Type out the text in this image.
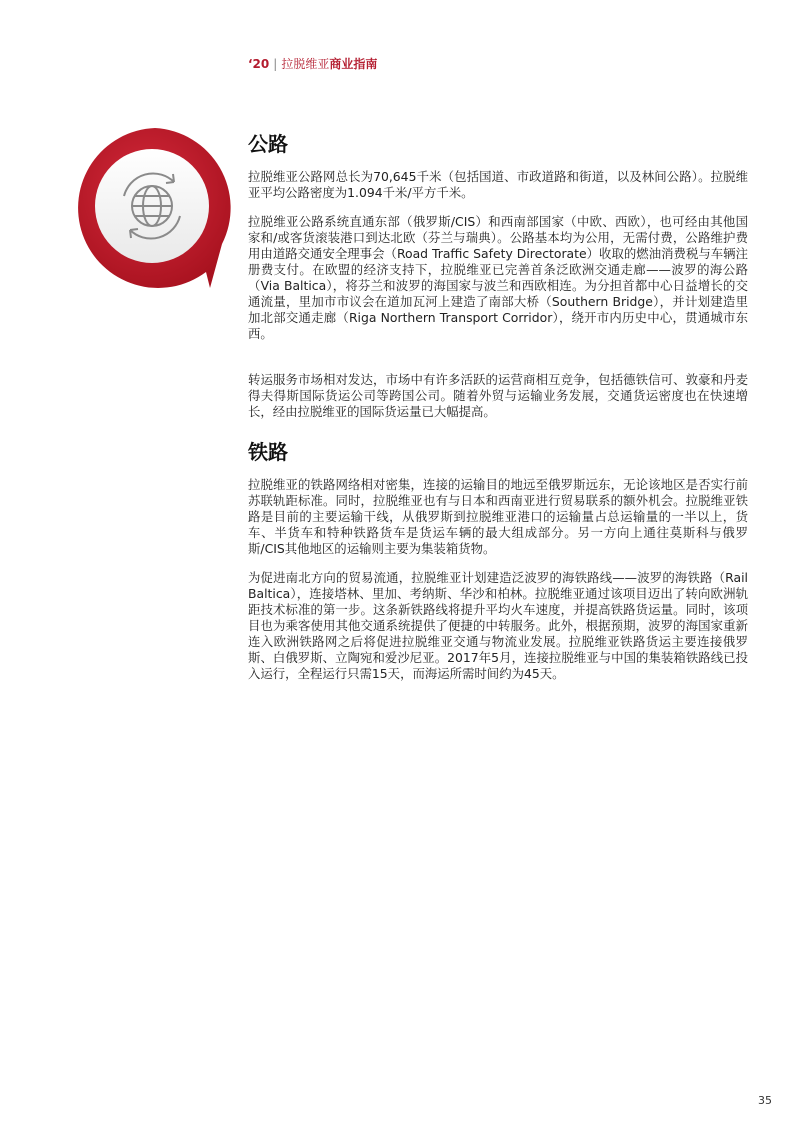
‘20 | 拉脱维亚商业指南
公路

拉脱维亚公路网总长为70,645千米（包括国道、市政道路和街道，以及林间公路）。拉脱维亚平均公路密度为1.094千米/平方千米。

拉脱维亚公路系统直通东部（俄罗斯/CIS）和西南部国家（中欧、西欧），也可经由其他国家和/或客货滚装港口到达北欧（芬兰与瑞典）。公路基本均为公用，无需付费，公路维护费用由道路交通安全理事会（Road Traffic Safety Directorate）收取的燃油消费税与车辆注册费支付。在欧盟的经济支持下，拉脱维亚已完善首条泛欧洲交通走廊——波罗的海公路（Via Baltica），将芬兰和波罗的海国家与波兰和西欧相连。为分担首都中心日益增长的交通流量，里加市市议会在道加瓦河上建造了南部大桥（Southern Bridge），并计划建造里加北部交通走廊（Riga Northern Transport Corridor），绕开市内历史中心，贯通城市东西。

转运服务市场相对发达，市场中有许多活跃的运营商相互竞争，包括德铁信可、敦豪和丹麦得夫得斯国际货运公司等跨国公司。随着外贸与运输业务发展，交通货运密度也在快速增长，经由拉脱维亚的国际货运量已大幅提高。

铁路

拉脱维亚的铁路网络相对密集，连接的运输目的地远至俄罗斯远东，无论该地区是否实行前苏联轨距标准。同时，拉脱维亚也有与日本和西南亚进行贸易联系的额外机会。拉脱维亚铁路是目前的主要运输干线，从俄罗斯到拉脱维亚港口的运输量占总运输量的一半以上，货车、半货车和特种铁路货车是货运车辆的最大组成部分。另一方向上通往莫斯科与俄罗斯/CIS其他地区的运输则主要为集装箱货物。

为促进南北方向的贸易流通，拉脱维亚计划建造泛波罗的海铁路线——波罗的海铁路（Rail Baltica），连接塔林、里加、考纳斯、华沙和柏林。拉脱维亚通过该项目迈出了转向欧洲轨距技术标准的第一步。这条新铁路线将提升平均火车速度，并提高铁路货运量。同时，该项目也为乘客使用其他交通系统提供了便捷的中转服务。此外，根据预期，波罗的海国家重新连入欧洲铁路网之后将促进拉脱维亚交通与物流业发展。拉脱维亚铁路货运主要连接俄罗斯、白俄罗斯、立陶宛和爱沙尼亚。2017年5月，连接拉脱维亚与中国的集装箱铁路线已投入运行，全程运行只需15天，而海运所需时间约为45天。

35
